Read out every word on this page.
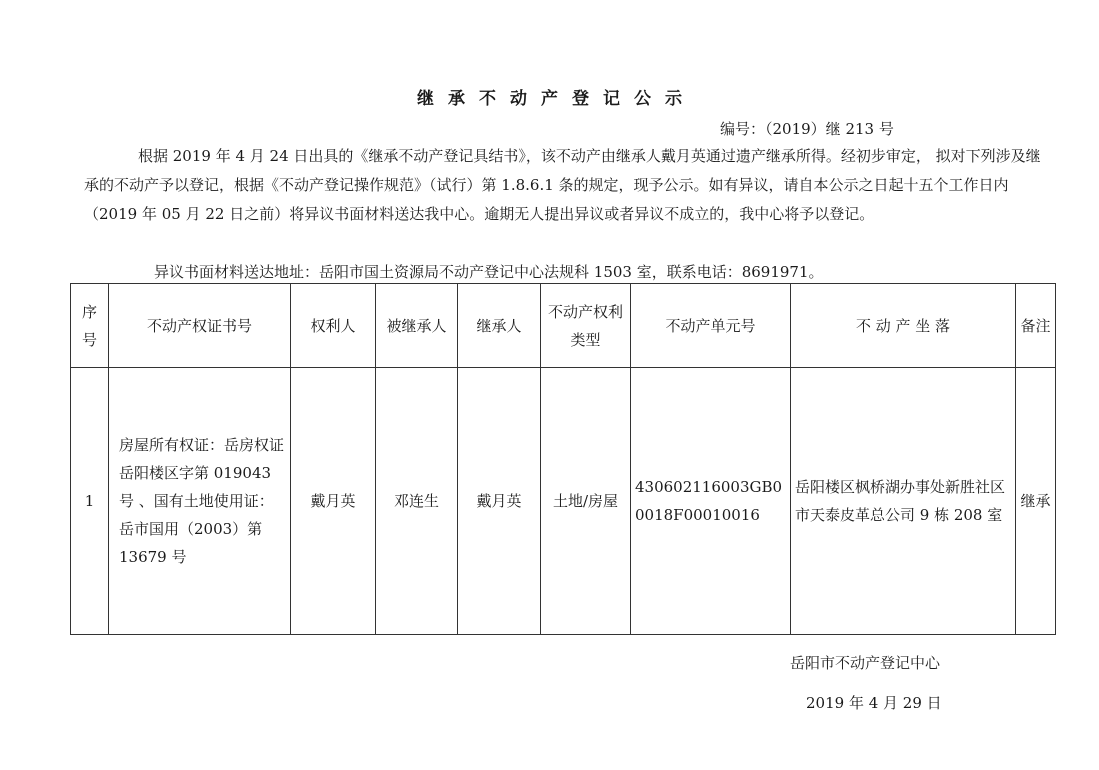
继承不动产登记公示
编号：（2019）继 213 号
根据 2019 年 4 月 24 日出具的《继承不动产登记具结书》，该不动产由继承人戴月英通过遗产继承所得。经初步审定， 拟对下列涉及继承的不动产予以登记，根据《不动产登记操作规范》（试行）第 1.8.6.1 条的规定，现予公示。如有异议，请自本公示之日起十五个工作日内（2019 年 05 月 22 日之前）将异议书面材料送达我中心。逾期无人提出异议或者异议不成立的，我中心将予以登记。
异议书面材料送达地址：岳阳市国土资源局不动产登记中心法规科 1503 室，联系电话：8691971。
序号	不动产权证书号	权利人	被继承人	继承人	不动产权利类型	不动产单元号	不 动 产 坐 落	备注
1	房屋所有权证：岳房权证岳阳楼区字第 019043 号 、国有土地使用证：岳市国用（2003）第 13679 号	戴月英	邓连生	戴月英	土地/房屋	430602116003GB00018F00010016	岳阳楼区枫桥湖办事处新胜社区市天泰皮革总公司 9 栋 208 室	继承
岳阳市不动产登记中心
2019 年 4 月 29 日
